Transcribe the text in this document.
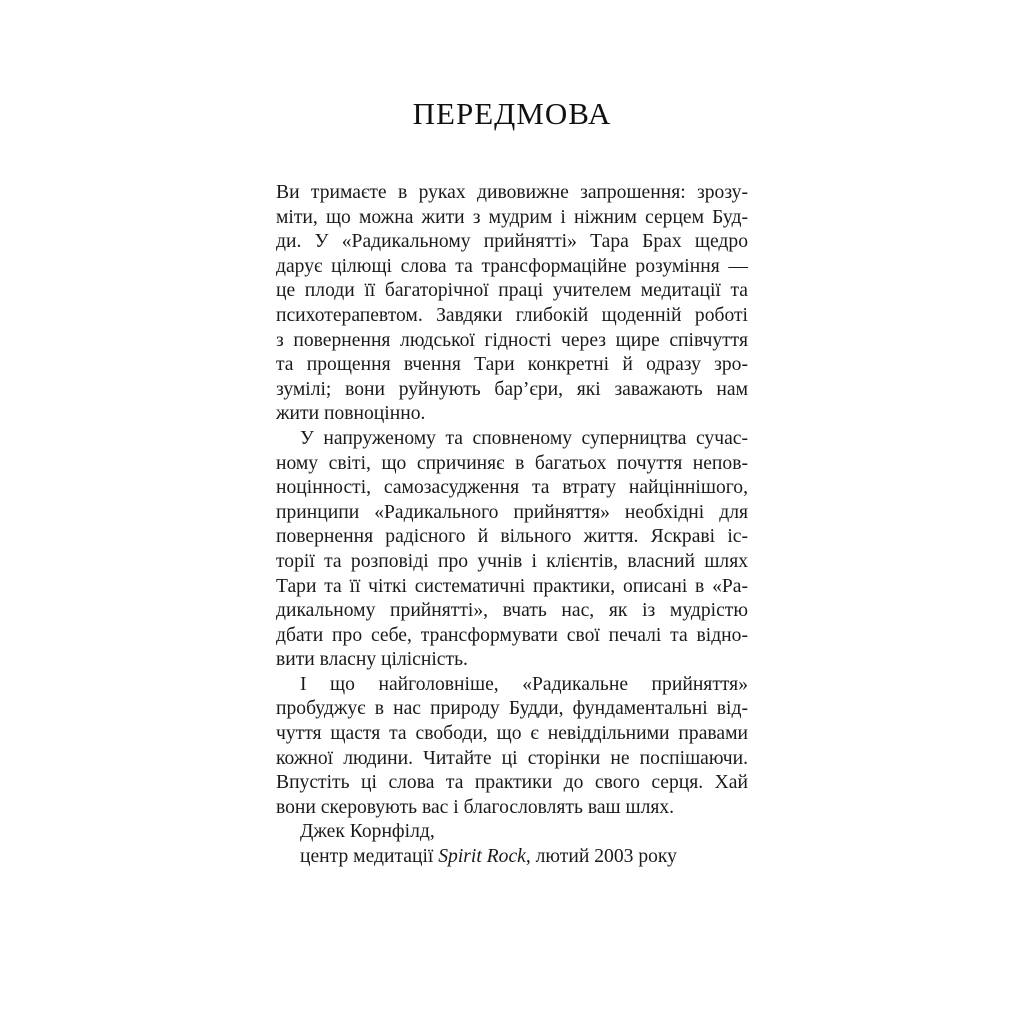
ПЕРЕДМОВА
Ви тримаєте в руках дивовижне запрошення: зрозу-
міти, що можна жити з мудрим і ніжним серцем Буд-
ди. У «Радикальному прийнятті» Тара Брах щедро
дарує цілющі слова та трансформаційне розуміння —
це плоди її багаторічної праці учителем медитації та
психотерапевтом. Завдяки глибокій щоденній роботі
з повернення людської гідності через щире співчуття
та прощення вчення Тари конкретні й одразу зро-
зумілі; вони руйнують бар’єри, які заважають нам
жити повноцінно.
У напруженому та сповненому суперництва сучас-
ному світі, що спричиняє в багатьох почуття непов-
ноцінності, самозасудження та втрату найціннішого,
принципи «Радикального прийняття» необхідні для
повернення радісного й вільного життя. Яскраві іс-
торії та розповіді про учнів і клієнтів, власний шлях
Тари та її чіткі систематичні практики, описані в «Ра-
дикальному прийнятті», вчать нас, як із мудрістю
дбати про себе, трансформувати свої печалі та відно-
вити власну цілісність.
І що найголовніше, «Радикальне прийняття»
пробуджує в нас природу Будди, фундаментальні від-
чуття щастя та свободи, що є невіддільними правами
кожної людини. Читайте ці сторінки не поспішаючи.
Впустіть ці слова та практики до свого серця. Хай
вони скеровують вас і благословлять ваш шлях.
Джек Корнфілд,
центр медитації Spirit Rock, лютий 2003 року
